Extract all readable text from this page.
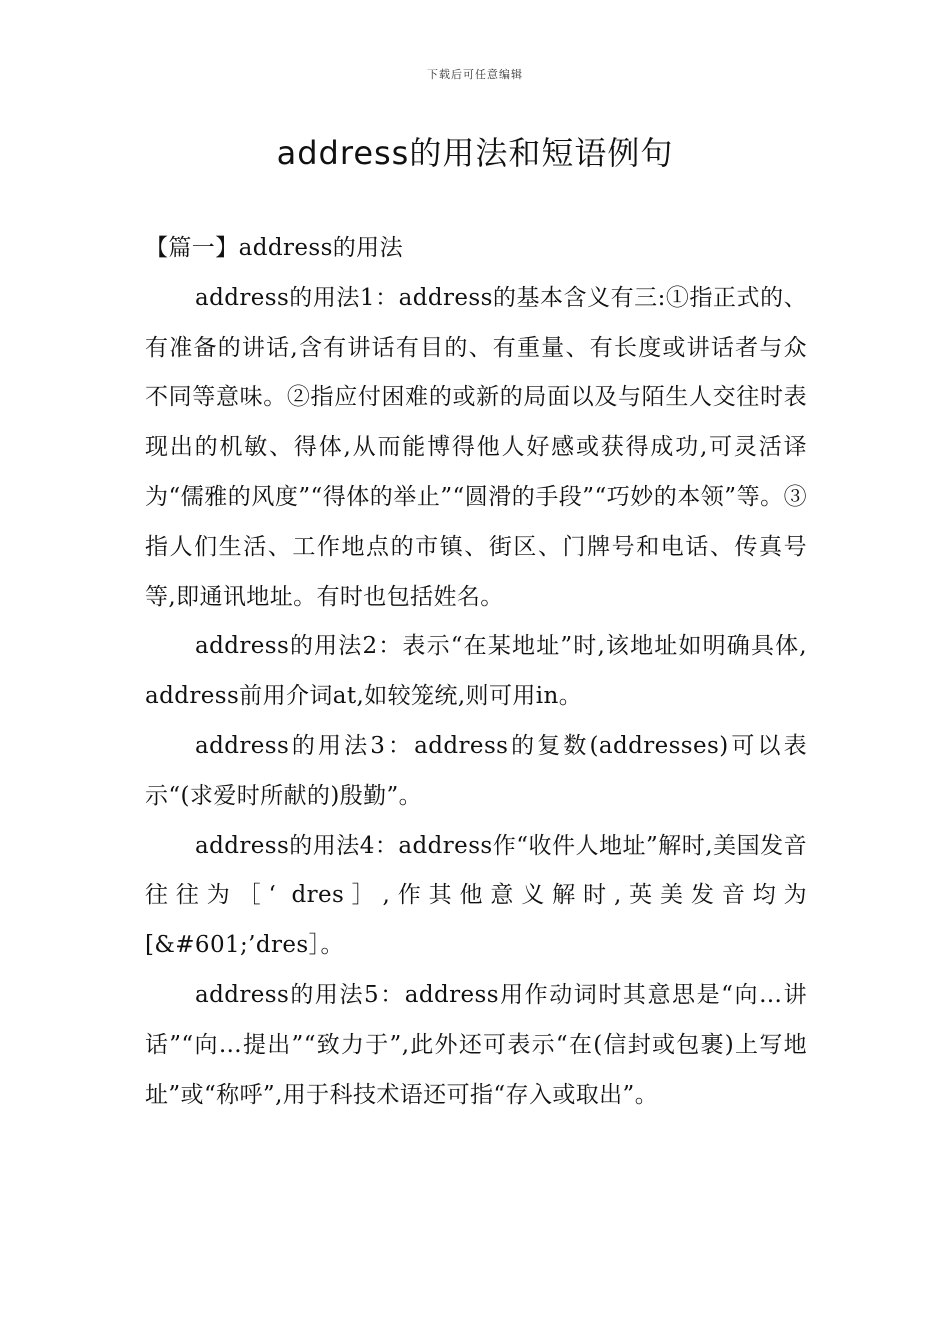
下载后可任意编辑
address的用法和短语例句

【篇一】address的用法

address的用法1：address的基本含义有三:①指正式的、有准备的讲话,含有讲话有目的、有重量、有长度或讲话者与众不同等意味。②指应付困难的或新的局面以及与陌生人交往时表现出的机敏、得体,从而能博得他人好感或获得成功,可灵活译为“儒雅的风度”“得体的举止”“圆滑的手段”“巧妙的本领”等。③指人们生活、工作地点的市镇、街区、门牌号和电话、传真号等,即通讯地址。有时也包括姓名。

address的用法2：表示“在某地址”时,该地址如明确具体, address前用介词at,如较笼统,则可用in。

address的用法3：address的复数(addresses)可以表示“(求爱时所献的)殷勤”。

address的用法4：address作“收件人地址”解时,美国发音往往为［‘ dres］,作其他意义解时,英美发音均为[&#601;’dres］。

address的用法5：address用作动词时其意思是“向…讲话”“向…提出”“致力于”,此外还可表示“在(信封或包裹)上写地址”或“称呼”,用于科技术语还可指“存入或取出”。
